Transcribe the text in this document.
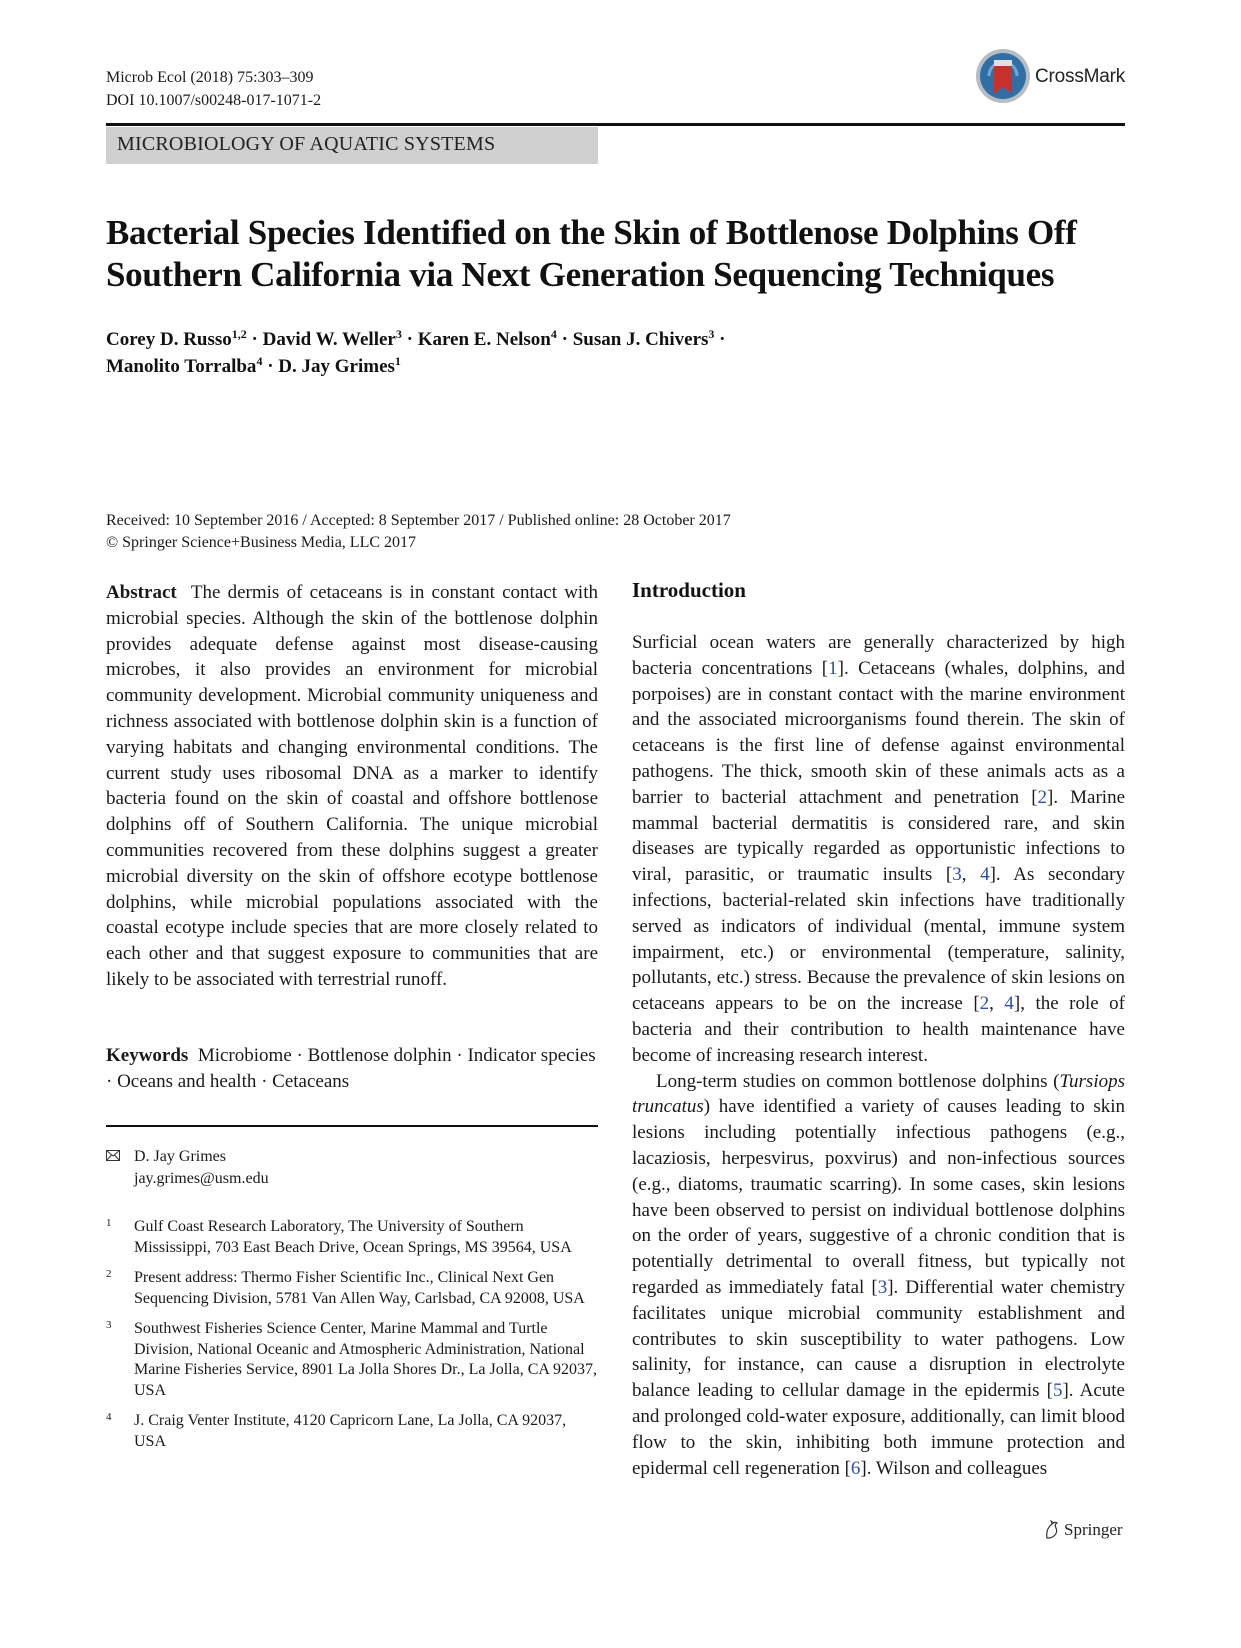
Microb Ecol (2018) 75:303–309
DOI 10.1007/s00248-017-1071-2
CrossMark
MICROBIOLOGY OF AQUATIC SYSTEMS
Bacterial Species Identified on the Skin of Bottlenose Dolphins Off
Southern California via Next Generation Sequencing Techniques
Corey D. Russo$^{1,2}$ · David W. Weller$^3$ · Karen E. Nelson$^4$ · Susan J. Chivers$^3$ ·
Manolito Torralba$^4$ · D. Jay Grimes$^1$
Received: 10 September 2016 / Accepted: 8 September 2017 / Published online: 28 October 2017
© Springer Science+Business Media, LLC 2017

Abstract The dermis of cetaceans is in constant contact with microbial species. Although the skin of the bottlenose dolphin provides adequate defense against most disease-causing microbes, it also provides an environment for microbial community development. Microbial community uniqueness and richness associated with bottlenose dolphin skin is a function of varying habitats and changing environmental conditions. The current study uses ribosomal DNA as a marker to identify bacteria found on the skin of coastal and offshore bottlenose dolphins off of Southern California. The unique microbial communities recovered from these dolphins suggest a greater microbial diversity on the skin of offshore ecotype bottlenose dolphins, while microbial populations associated with the coastal ecotype include species that are more closely related to each other and that suggest exposure to communities that are likely to be associated with terrestrial runoff.

Keywords Microbiome · Bottlenose dolphin · Indicator species · Oceans and health · Cetaceans

D. Jay Grimes
jay.grimes@usm.edu
1 Gulf Coast Research Laboratory, The University of Southern Mississippi, 703 East Beach Drive, Ocean Springs, MS 39564, USA
2 Present address: Thermo Fisher Scientific Inc., Clinical Next Gen Sequencing Division, 5781 Van Allen Way, Carlsbad, CA 92008, USA
3 Southwest Fisheries Science Center, Marine Mammal and Turtle Division, National Oceanic and Atmospheric Administration, National Marine Fisheries Service, 8901 La Jolla Shores Dr., La Jolla, CA 92037, USA
4 J. Craig Venter Institute, 4120 Capricorn Lane, La Jolla, CA 92037, USA
Introduction

Surficial ocean waters are generally characterized by high bacteria concentrations [1]. Cetaceans (whales, dolphins, and porpoises) are in constant contact with the marine environment and the associated microorganisms found therein. The skin of cetaceans is the first line of defense against environmental pathogens. The thick, smooth skin of these animals acts as a barrier to bacterial attachment and penetration [2]. Marine mammal bacterial dermatitis is considered rare, and skin diseases are typically regarded as opportunistic infections to viral, parasitic, or traumatic insults [3, 4]. As secondary infections, bacterial-related skin infections have traditionally served as indicators of individual (mental, immune system impairment, etc.) or environmental (temperature, salinity, pollutants, etc.) stress. Because the prevalence of skin lesions on cetaceans appears to be on the increase [2, 4], the role of bacteria and their contribution to health maintenance have become of increasing research interest.

Long-term studies on common bottlenose dolphins (Tursiops truncatus) have identified a variety of causes leading to skin lesions including potentially infectious pathogens (e.g., lacaziosis, herpesvirus, poxvirus) and non-infectious sources (e.g., diatoms, traumatic scarring). In some cases, skin lesions have been observed to persist on individual bottlenose dolphins on the order of years, suggestive of a chronic condition that is potentially detrimental to overall fitness, but typically not regarded as immediately fatal [3]. Differential water chemistry facilitates unique microbial community establishment and contributes to skin susceptibility to water pathogens. Low salinity, for instance, can cause a disruption in electrolyte balance leading to cellular damage in the epidermis [5]. Acute and prolonged cold-water exposure, additionally, can limit blood flow to the skin, inhibiting both immune protection and epidermal cell regeneration [6]. Wilson and colleagues

Springer
